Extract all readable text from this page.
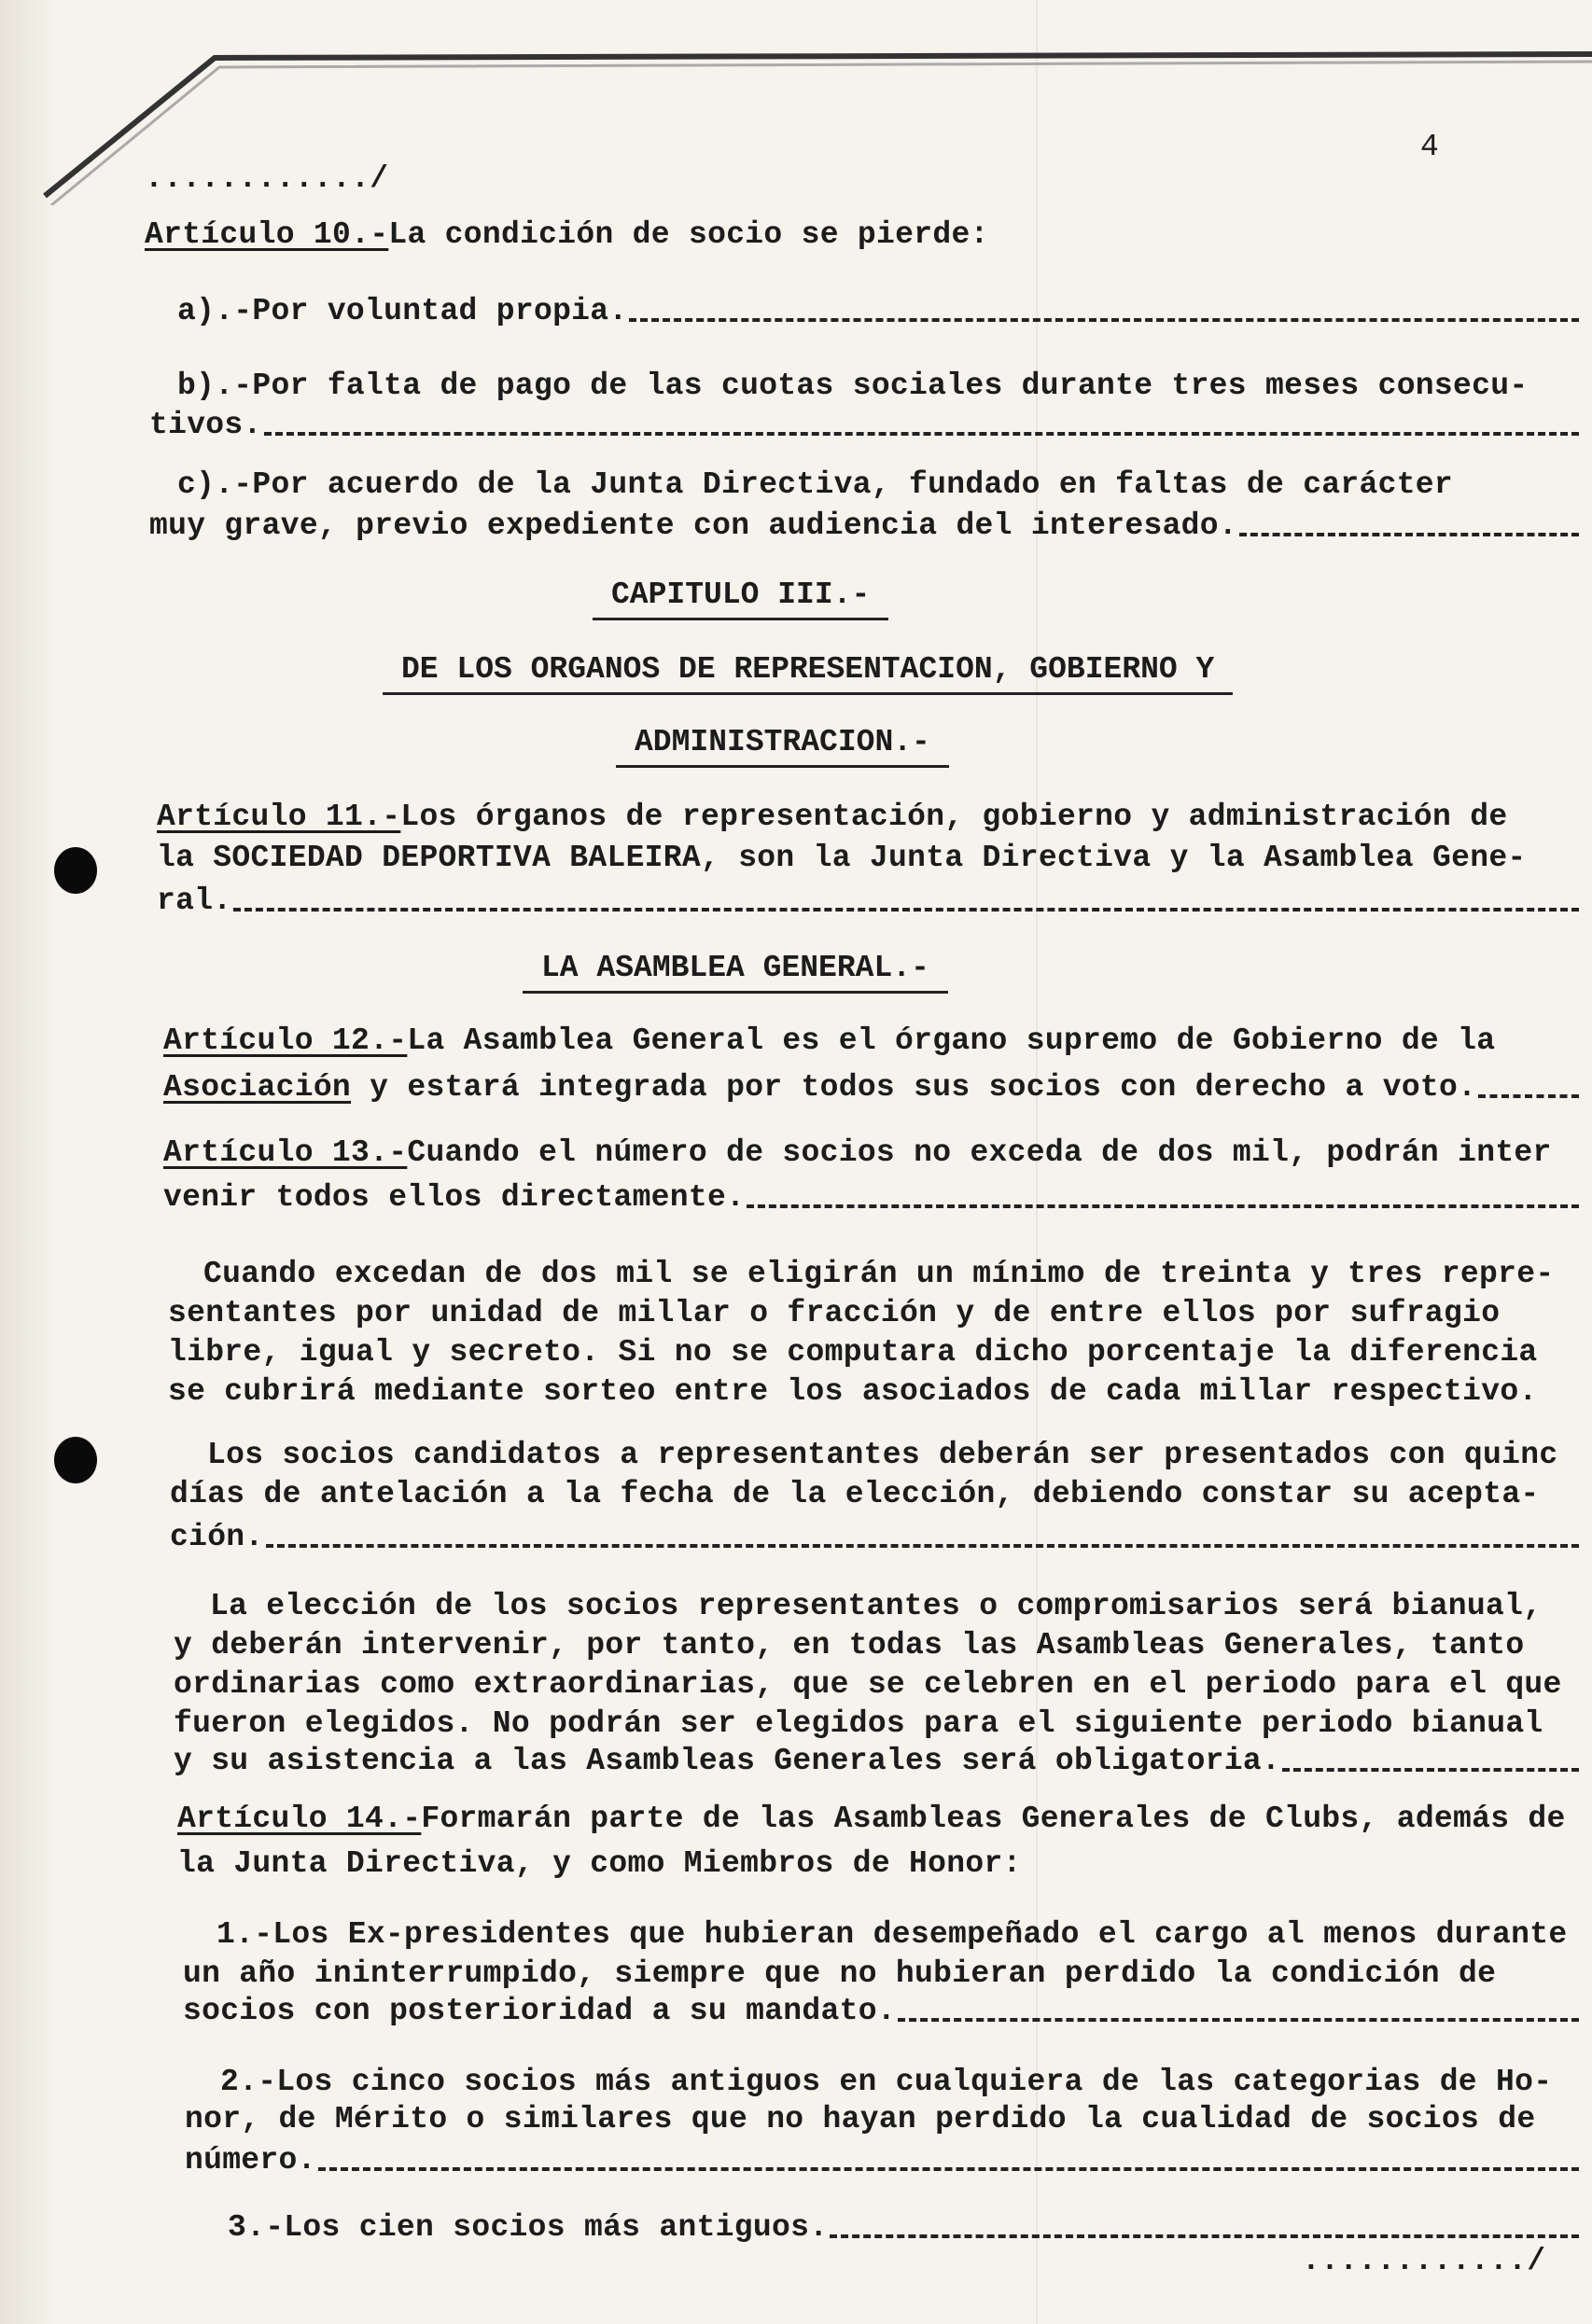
4
............/
Artículo 10.- La condición de socio se pierde:
a).-Por voluntad propia.
b).-Por falta de pago de las cuotas sociales durante tres meses consecu-
tivos.
c).-Por acuerdo de la Junta Directiva, fundado en faltas de carácter
muy grave, previo expediente con audiencia del interesado.
CAPITULO III.-
DE LOS ORGANOS DE REPRESENTACION, GOBIERNO Y
ADMINISTRACION.-
Artículo 11.- Los órganos de representación, gobierno y administración de
la SOCIEDAD DEPORTIVA BALEIRA, son la Junta Directiva y la Asamblea Gene-
ral.
LA ASAMBLEA GENERAL.-
Artículo 12.- La Asamblea General es el órgano supremo de Gobierno de la
Asociación y estará integrada por todos sus socios con derecho a voto.
Artículo 13.- Cuando el número de socios no exceda de dos mil, podrán inter
venir todos ellos directamente.
Cuando excedan de dos mil se eligirán un mínimo de treinta y tres repre-
sentantes por unidad de millar o fracción y de entre ellos por sufragio
libre, igual y secreto. Si no se computara dicho porcentaje la diferencia
se cubrirá mediante sorteo entre los asociados de cada millar respectivo.
Los socios candidatos a representantes deberán ser presentados con quinc
días de antelación a la fecha de la elección, debiendo constar su acepta-
ción.
La elección de los socios representantes o compromisarios será bianual,
y deberán intervenir, por tanto, en todas las Asambleas Generales, tanto
ordinarias como extraordinarias, que se celebren en el periodo para el que
fueron elegidos. No podrán ser elegidos para el siguiente periodo bianual
y su asistencia a las Asambleas Generales será obligatoria.
Artículo 14.- Formarán parte de las Asambleas Generales de Clubs, además de
la Junta Directiva, y como Miembros de Honor:
1.-Los Ex-presidentes que hubieran desempeñado el cargo al menos durante
un año ininterrumpido, siempre que no hubieran perdido la condición de
socios con posterioridad a su mandato.
2.-Los cinco socios más antiguos en cualquiera de las categorias de Ho-
nor, de Mérito o similares que no hayan perdido la cualidad de socios de
número.
3.-Los cien socios más antiguos.
............/
